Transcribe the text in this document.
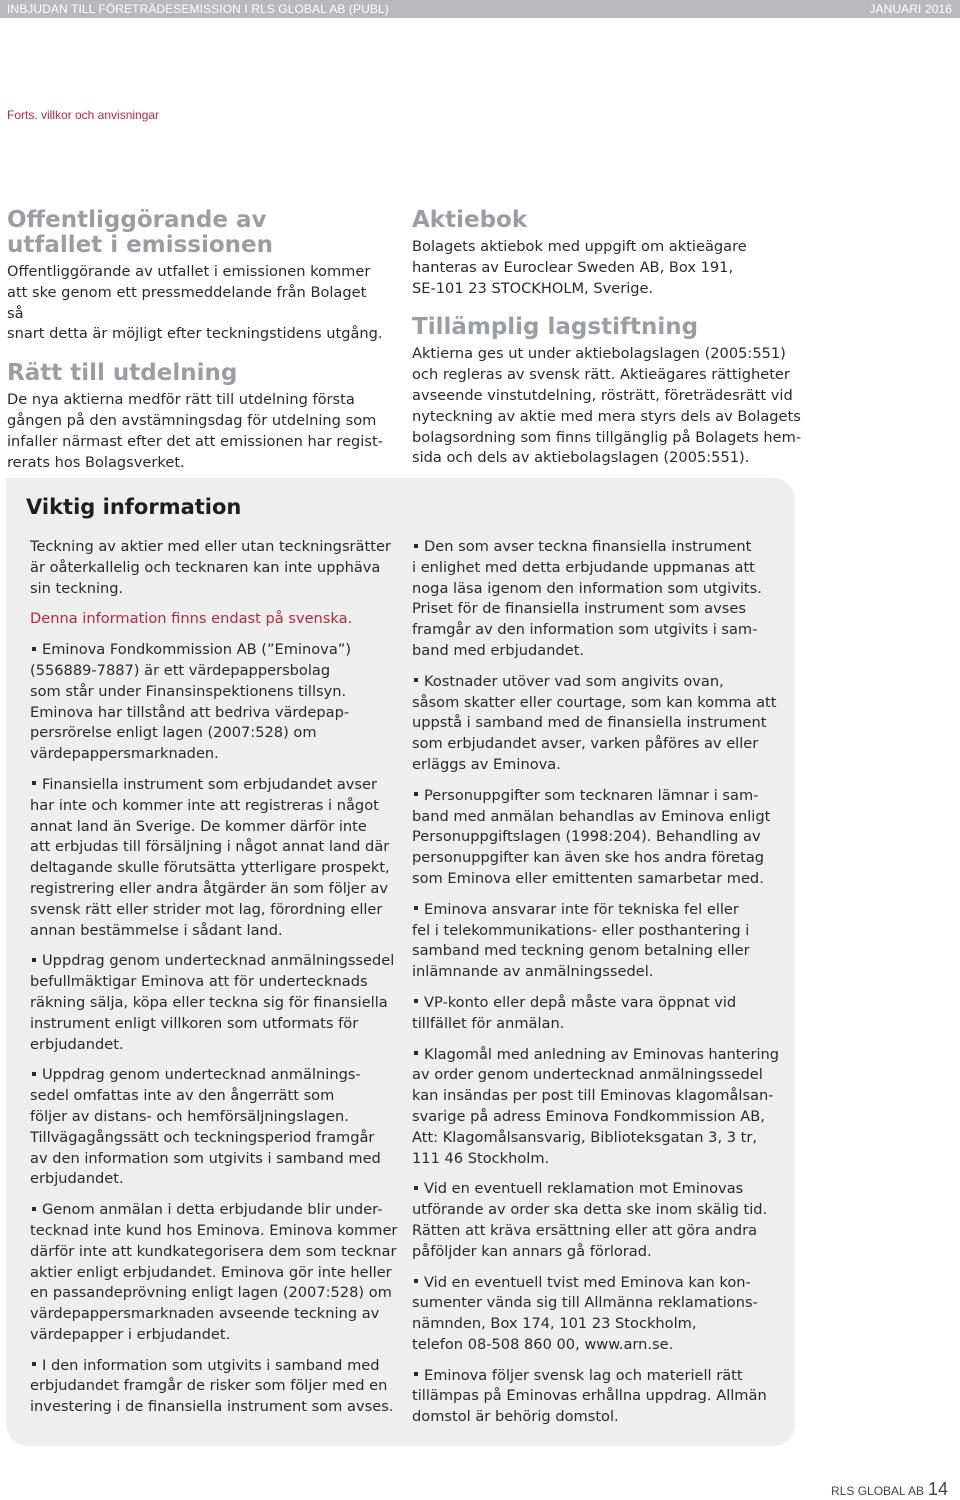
INBJUDAN TILL FÖRETRÄDESEMISSION I RLS GLOBAL AB (PUBL)	JANUARI 2016
Forts. villkor och anvisningar
Offentliggörande av
utfallet i emissionen

Offentliggörande av utfallet i emissionen kommer
att ske genom ett pressmeddelande från Bolaget så
snart detta är möjligt efter teckningstidens utgång.

Rätt till utdelning

De nya aktierna medför rätt till utdelning första
gången på den avstämningsdag för utdelning som
infaller närmast efter det att emissionen har regist-
rerats hos Bolagsverket.

Aktiebok

Bolagets aktiebok med uppgift om aktieägare
hanteras av Euroclear Sweden AB, Box 191,
SE-101 23 STOCKHOLM, Sverige.

Tillämplig lagstiftning

Aktierna ges ut under aktiebolagslagen (2005:551)
och regleras av svensk rätt. Aktieägares rättigheter
avseende vinstutdelning, rösträtt, företrädesrätt vid
nyteckning av aktie med mera styrs dels av Bolagets
bolagsordning som finns tillgänglig på Bolagets hem-
sida och dels av aktiebolagslagen (2005:551).

Viktig information

Teckning av aktier med eller utan teckningsrätter
är oåterkallelig och tecknaren kan inte upphäva
sin teckning.

Denna information finns endast på svenska.

Eminova Fondkommission AB (”Eminova”)
(556889-7887) är ett värdepappersbolag
som står under Finansinspektionens tillsyn.
Eminova har tillstånd att bedriva värdepap-
persrörelse enligt lagen (2007:528) om
värdepappersmarknaden.

Finansiella instrument som erbjudandet avser
har inte och kommer inte att registreras i något
annat land än Sverige. De kommer därför inte
att erbjudas till försäljning i något annat land där
deltagande skulle förutsätta ytterligare prospekt,
registrering eller andra åtgärder än som följer av
svensk rätt eller strider mot lag, förordning eller
annan bestämmelse i sådant land.

Uppdrag genom undertecknad anmälningssedel
befullmäktigar Eminova att för undertecknads
räkning sälja, köpa eller teckna sig för finansiella
instrument enligt villkoren som utformats för
erbjudandet.

Uppdrag genom undertecknad anmälnings-
sedel omfattas inte av den ångerrätt som
följer av distans- och hemförsäljningslagen.
Tillvägagångssätt och teckningsperiod framgår
av den information som utgivits i samband med
erbjudandet.

Genom anmälan i detta erbjudande blir under-
tecknad inte kund hos Eminova. Eminova kommer
därför inte att kundkategorisera dem som tecknar
aktier enligt erbjudandet. Eminova gör inte heller
en passandeprövning enligt lagen (2007:528) om
värdepappersmarknaden avseende teckning av
värdepapper i erbjudandet.

I den information som utgivits i samband med
erbjudandet framgår de risker som följer med en
investering i de finansiella instrument som avses.

Den som avser teckna finansiella instrument
i enlighet med detta erbjudande uppmanas att
noga läsa igenom den information som utgivits.
Priset för de finansiella instrument som avses
framgår av den information som utgivits i sam-
band med erbjudandet.

Kostnader utöver vad som angivits ovan,
såsom skatter eller courtage, som kan komma att
uppstå i samband med de finansiella instrument
som erbjudandet avser, varken påföres av eller
erläggs av Eminova.

Personuppgifter som tecknaren lämnar i sam-
band med anmälan behandlas av Eminova enligt
Personuppgiftslagen (1998:204). Behandling av
personuppgifter kan även ske hos andra företag
som Eminova eller emittenten samarbetar med.

Eminova ansvarar inte för tekniska fel eller
fel i telekommunikations- eller posthantering i
samband med teckning genom betalning eller
inlämnande av anmälningssedel.

VP-konto eller depå måste vara öppnat vid
tillfället för anmälan.

Klagomål med anledning av Eminovas hantering
av order genom undertecknad anmälningssedel
kan insändas per post till Eminovas klagomålsan-
svarige på adress Eminova Fondkommission AB,
Att: Klagomålsansvarig, Biblioteksgatan 3, 3 tr,
111 46 Stockholm.

Vid en eventuell reklamation mot Eminovas
utförande av order ska detta ske inom skälig tid.
Rätten att kräva ersättning eller att göra andra
påföljder kan annars gå förlorad.

Vid en eventuell tvist med Eminova kan kon-
sumenter vända sig till Allmänna reklamations-
nämnden, Box 174, 101 23 Stockholm,
telefon 08-508 860 00, www.arn.se.

Eminova följer svensk lag och materiell rätt
tillämpas på Eminovas erhållna uppdrag. Allmän
domstol är behörig domstol.

RLS GLOBAL AB 14
